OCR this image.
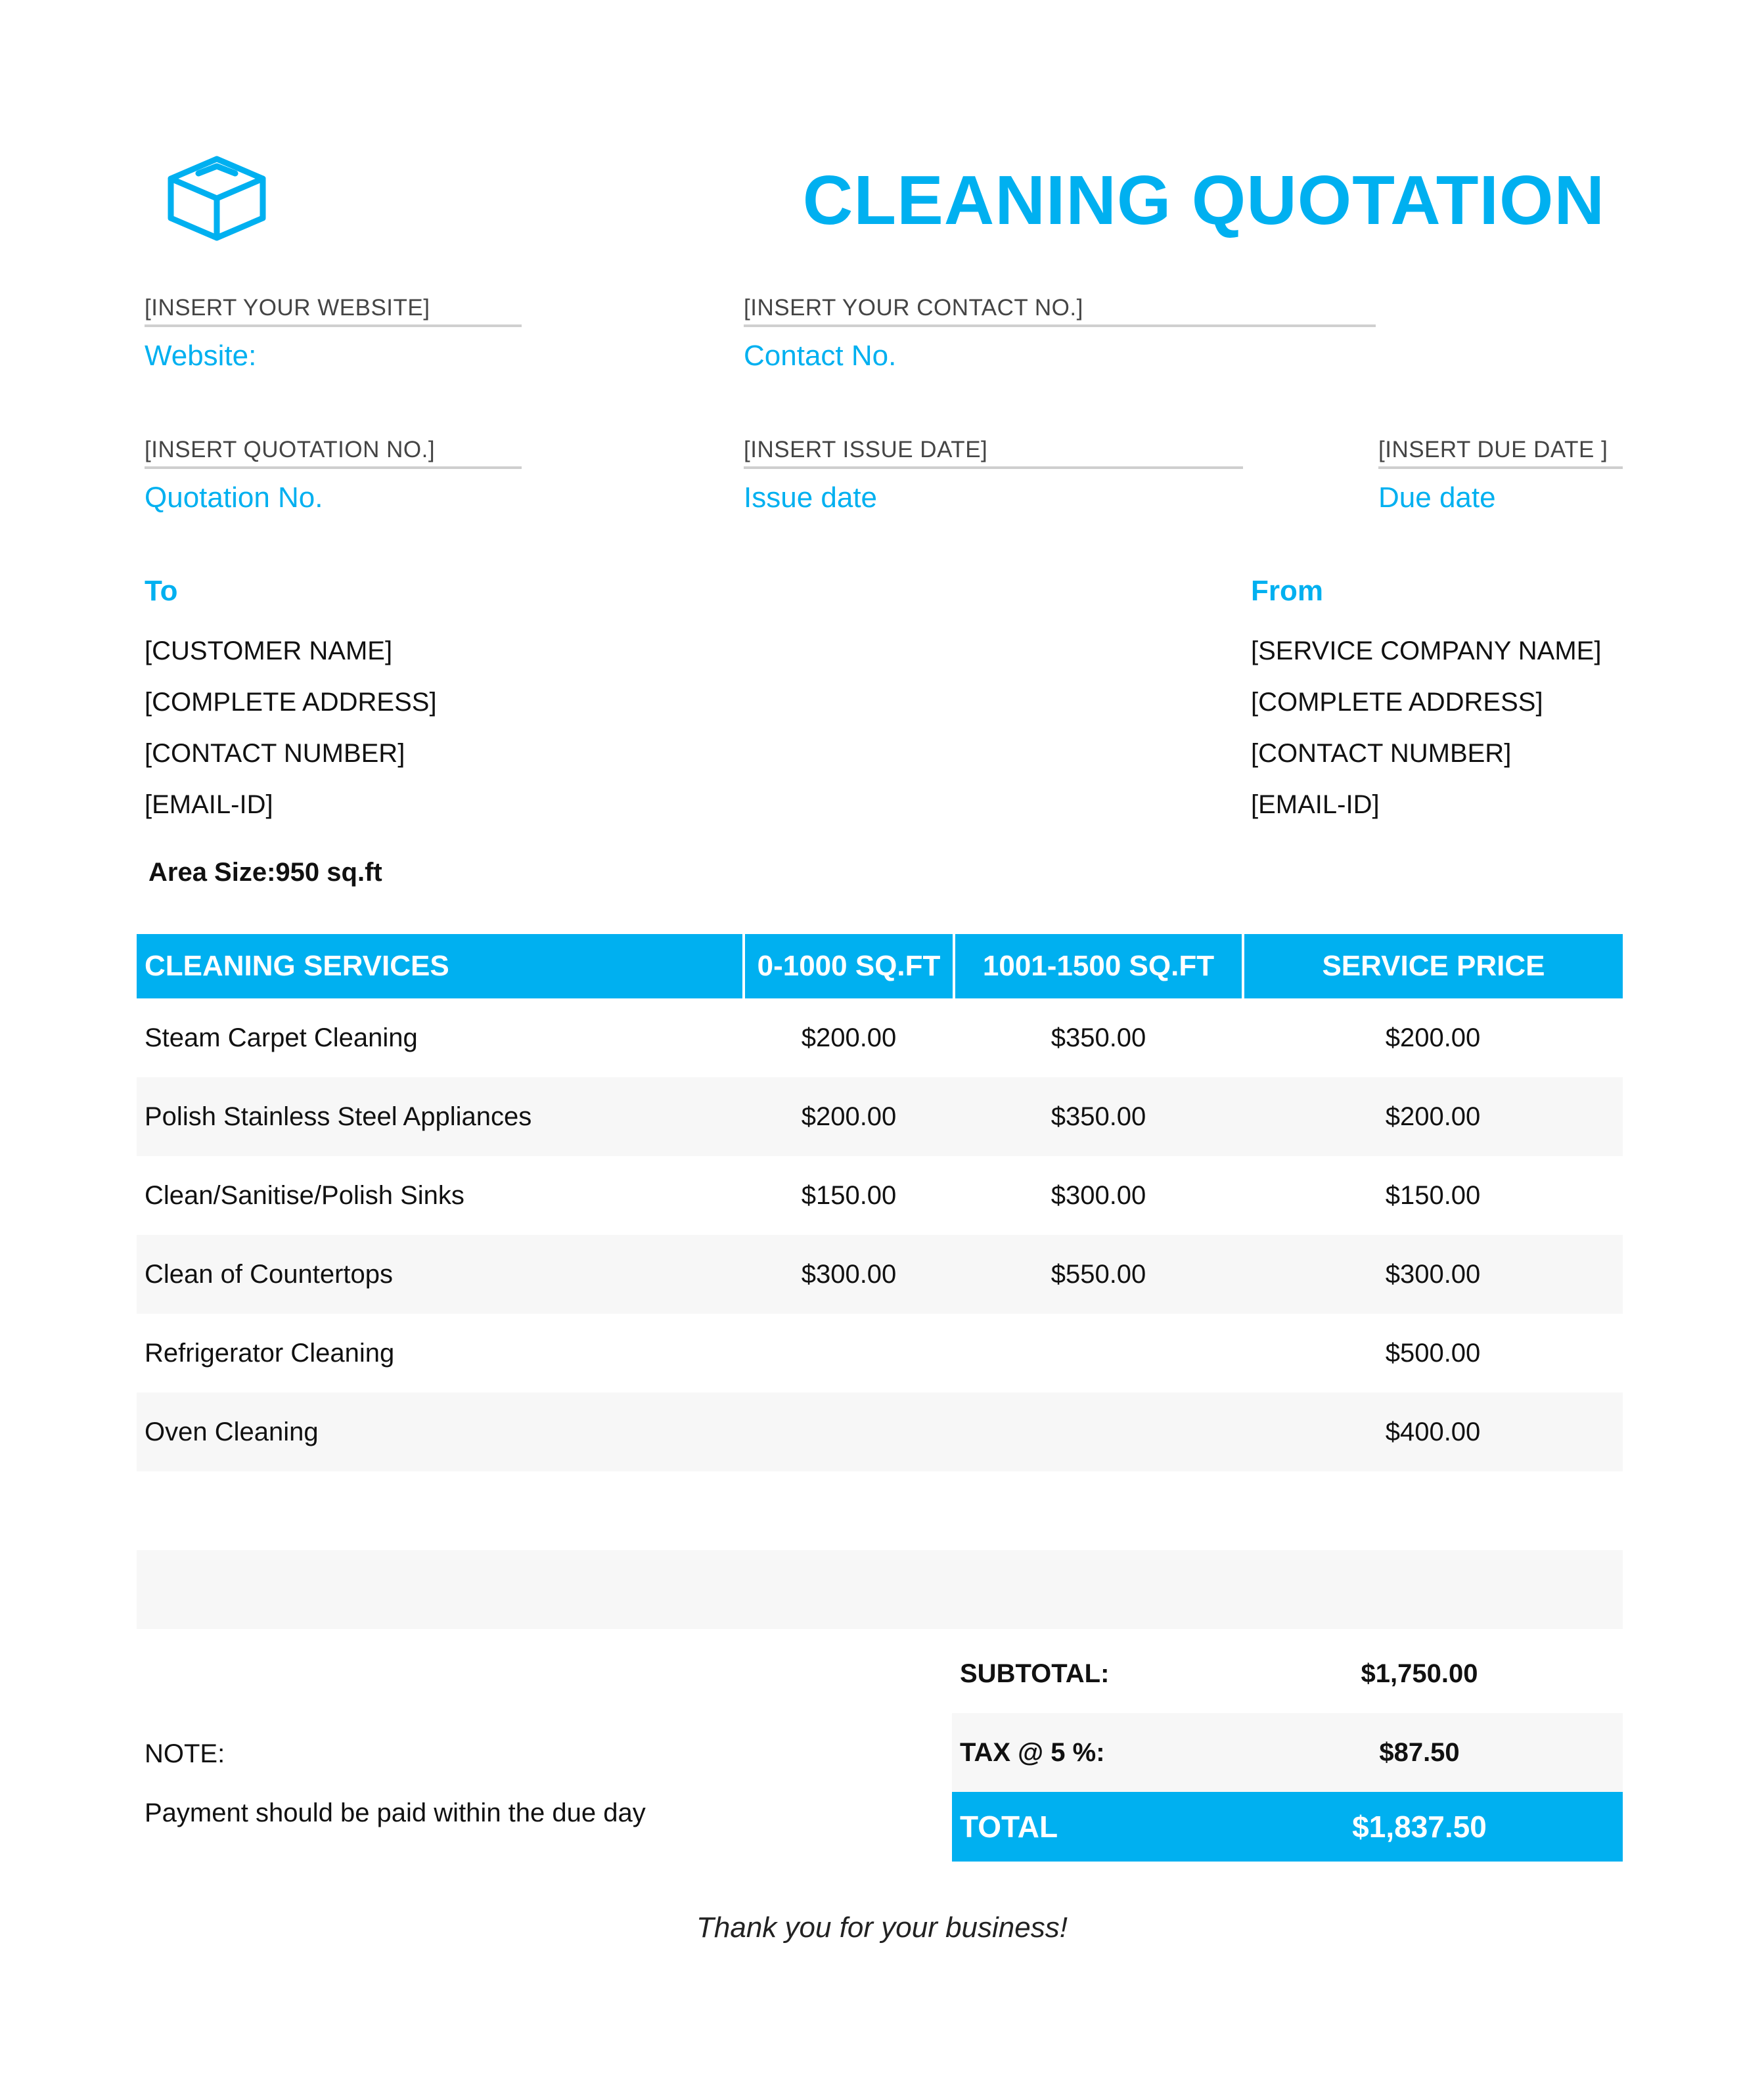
CLEANING QUOTATION
[INSERT YOUR WEBSITE]
Website:
[INSERT YOUR CONTACT NO.]
Contact No.
[INSERT QUOTATION NO.]
Quotation No.
[INSERT ISSUE DATE]
Issue date
[INSERT DUE DATE ]
Due date
To
[CUSTOMER NAME]
[COMPLETE ADDRESS]
[CONTACT NUMBER]
[EMAIL-ID]
From
[SERVICE COMPANY NAME]
[COMPLETE ADDRESS]
[CONTACT NUMBER]
[EMAIL-ID]
Area Size:950 sq.ft
CLEANING SERVICES	0-1000 SQ.FT	1001-1500 SQ.FT	SERVICE PRICE
Steam Carpet Cleaning	$200.00	$350.00	$200.00
Polish Stainless Steel Appliances	$200.00	$350.00	$200.00
Clean/Sanitise/Polish Sinks	$150.00	$300.00	$150.00
Clean of Countertops	$300.00	$550.00	$300.00
Refrigerator Cleaning			$500.00
Oven Cleaning			$400.00

SUBTOTAL:	$1,750.00
TAX @ 5 %:	$87.50
TOTAL	$1,837.50
NOTE:
Payment should be paid within the due day
Thank you for your business!
